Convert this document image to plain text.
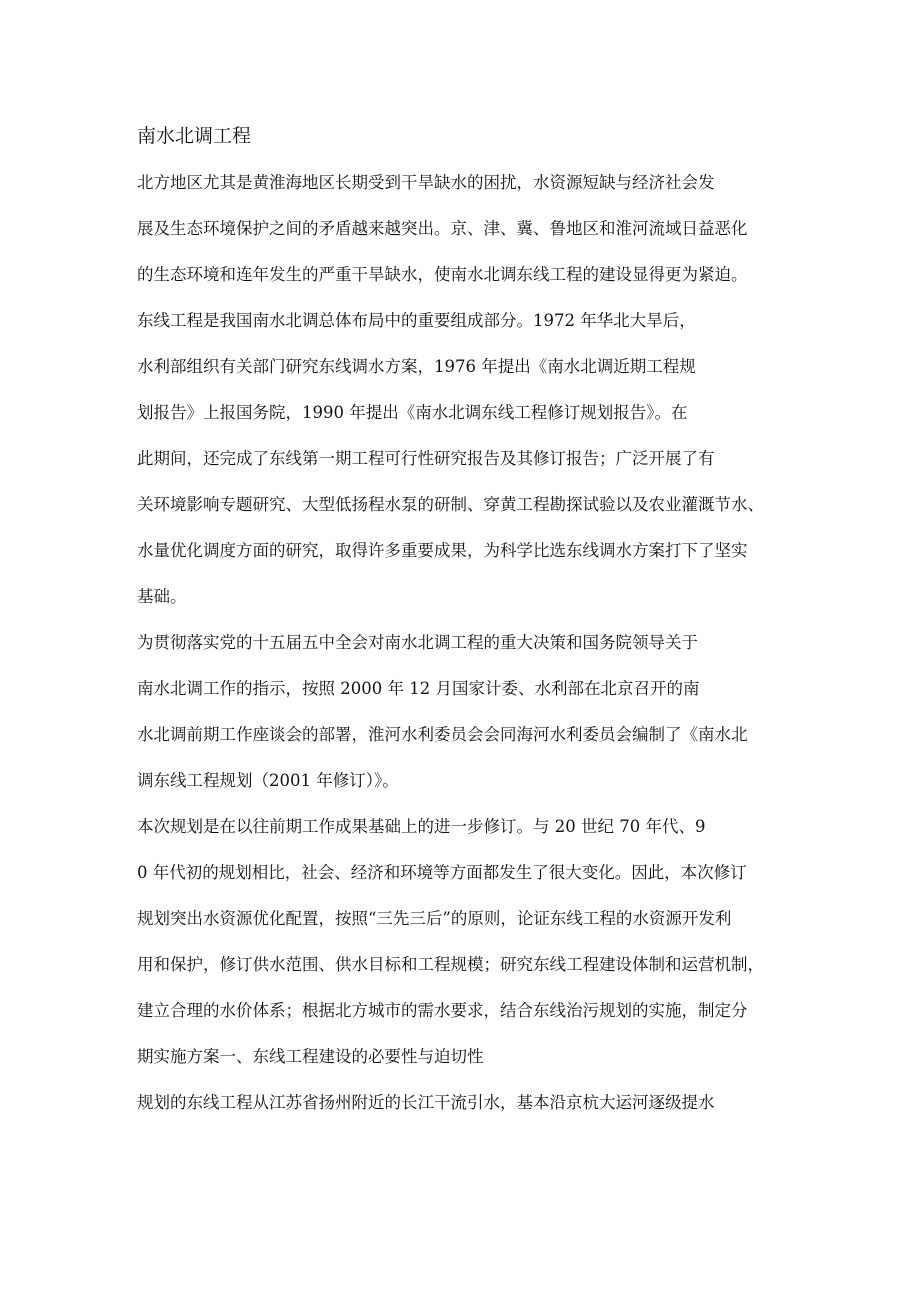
南水北调工程

北方地区尤其是黄淮海地区长期受到干旱缺水的困扰，水资源短缺与经济社会发

展及生态环境保护之间的矛盾越来越突出。京、津、冀、鲁地区和淮河流域日益恶化

的生态环境和连年发生的严重干旱缺水，使南水北调东线工程的建设显得更为紧迫。

东线工程是我国南水北调总体布局中的重要组成部分。1972 年华北大旱后，

水利部组织有关部门研究东线调水方案，1976 年提出《南水北调近期工程规

划报告》上报国务院，1990 年提出《南水北调东线工程修订规划报告》。在

此期间，还完成了东线第一期工程可行性研究报告及其修订报告；广泛开展了有

关环境影响专题研究、大型低扬程水泵的研制、穿黄工程勘探试验以及农业灌溉节水、

水量优化调度方面的研究，取得许多重要成果，为科学比选东线调水方案打下了坚实

基础。

为贯彻落实党的十五届五中全会对南水北调工程的重大决策和国务院领导关于

南水北调工作的指示，按照 2000 年 12 月国家计委、水利部在北京召开的南

水北调前期工作座谈会的部署，淮河水利委员会会同海河水利委员会编制了《南水北

调东线工程规划（2001 年修订）》。

本次规划是在以往前期工作成果基础上的进一步修订。与 20 世纪 70 年代、9

0 年代初的规划相比，社会、经济和环境等方面都发生了很大变化。因此，本次修订

规划突出水资源优化配置，按照“三先三后”的原则，论证东线工程的水资源开发利

用和保护，修订供水范围、供水目标和工程规模；研究东线工程建设体制和运营机制，

建立合理的水价体系；根据北方城市的需水要求，结合东线治污规划的实施，制定分

期实施方案一、东线工程建设的必要性与迫切性

规划的东线工程从江苏省扬州附近的长江干流引水，基本沿京杭大运河逐级提水
